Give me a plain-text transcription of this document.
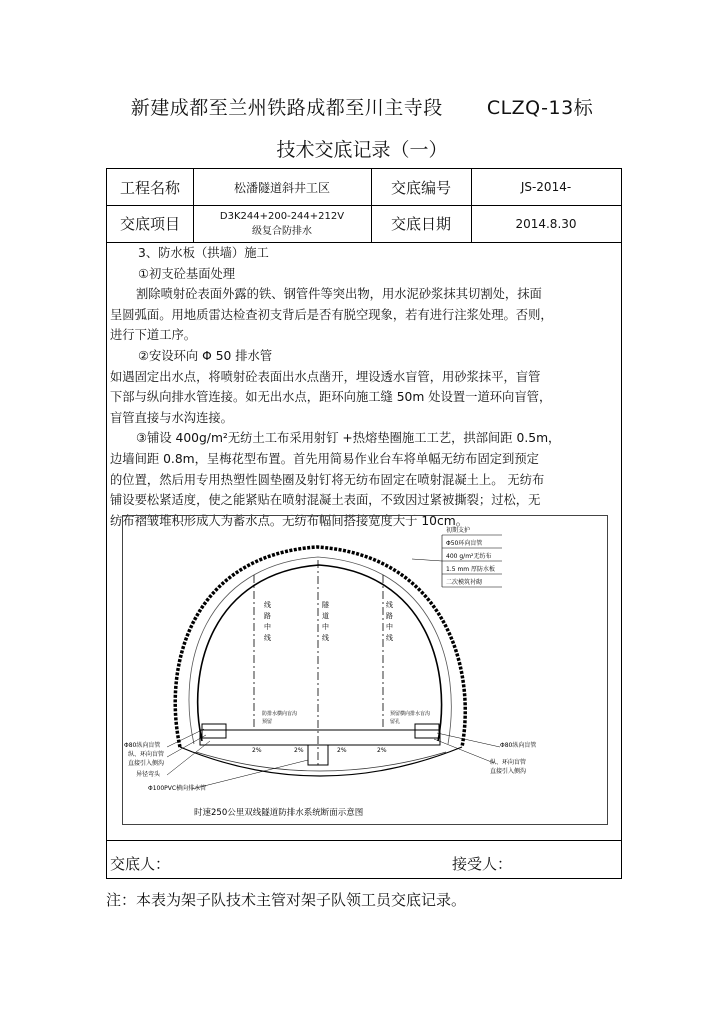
新建成都至兰州铁路成都至川主寺段 CLZQ-13标
技术交底记录（一）
工程名称	松潘隧道斜井工区	交底编号	JS-2014-
交底项目	D3K244+200-244+212V 级复合防排水	交底日期	2014.8.30

3、防水板（拱墙）施工

①初支砼基面处理

割除喷射砼表面外露的铁、钢管件等突出物，用水泥砂浆抹其切割处，抹面

呈圆弧面。用地质雷达检查初支背后是否有脱空现象，若有进行注浆处理。否则，

进行下道工序。

②安设环向 Φ 50 排水管

如遇固定出水点，将喷射砼表面出水点凿开，埋设透水盲管，用砂浆抹平，盲管

下部与纵向排水管连接。如无出水点，距环向施工缝 50m 处设置一道环向盲管，

盲管直接与水沟连接。

③铺设 400g/m²无纺土工布采用射钉 +热熔垫圈施工工艺，拱部间距 0.5m，

边墙间距 0.8m，呈梅花型布置。首先用简易作业台车将单幅无纺布固定到预定

的位置，然后用专用热塑性圆垫圈及射钉将无纺布固定在喷射混凝土上。 无纺布

铺设要松紧适度，使之能紧贴在喷射混凝土表面，不致因过紧被撕裂；过松，无

纺布褶皱堆积形成人为蓄水点。无纺布幅间搭接宽度大于 10cm。

线路中线
隧道中线
线路中线
初期支护
Φ50环向盲管
400 g/m²无纺布
1.5 mm 厚防水板
二次模筑衬砌
防排水横向盲沟
预留
预留横向排水盲沟
留孔
2%	2%	2%	2%
Φ80纵向盲管
纵、环向盲管
直接引入侧沟
异径弯头
Φ100PVC横向排水管
Φ80纵向盲管
纵、环向盲管
直接引入侧沟
时速250公里双线隧道防排水系统断面示意图
交底人：	接受人：
注：本表为架子队技术主管对架子队领工员交底记录。
